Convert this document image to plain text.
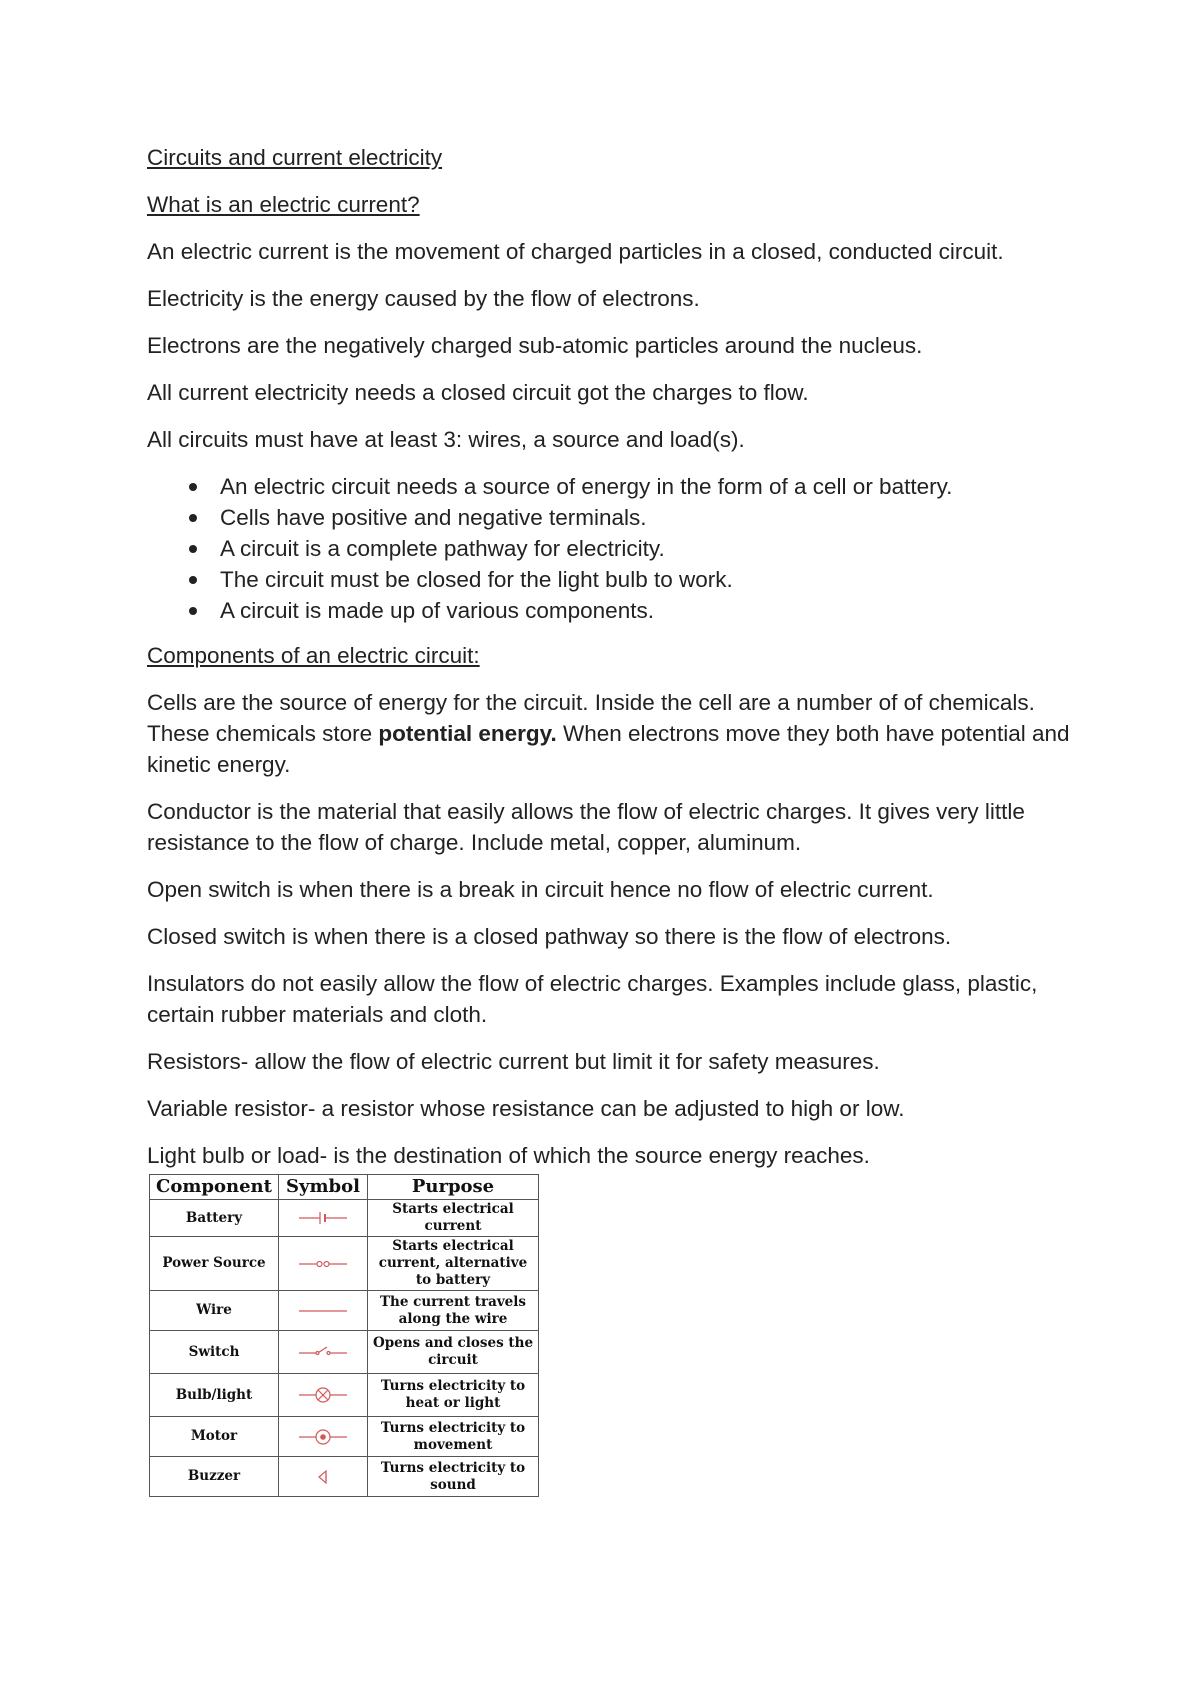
Circuits and current electricity

What is an electric current?

An electric current is the movement of charged particles in a closed, conducted circuit.

Electricity is the energy caused by the flow of electrons.

Electrons are the negatively charged sub-atomic particles around the nucleus.

All current electricity needs a closed circuit got the charges to flow.

All circuits must have at least 3: wires, a source and load(s).

An electric circuit needs a source of energy in the form of a cell or battery.
Cells have positive and negative terminals.
A circuit is a complete pathway for electricity.
The circuit must be closed for the light bulb to work.
A circuit is made up of various components.

Components of an electric circuit:

Cells are the source of energy for the circuit. Inside the cell are a number of of chemicals. These chemicals store potential energy. When electrons move they both have potential and kinetic energy.

Conductor is the material that easily allows the flow of electric charges. It gives very little resistance to the flow of charge. Include metal, copper, aluminum.

Open switch is when there is a break in circuit hence no flow of electric current.

Closed switch is when there is a closed pathway so there is the flow of electrons.

Insulators do not easily allow the flow of electric charges. Examples include glass, plastic, certain rubber materials and cloth.

Resistors- allow the flow of electric current but limit it for safety measures.

Variable resistor- a resistor whose resistance can be adjusted to high or low.

Light bulb or load- is the destination of which the source energy reaches.

Component	Symbol	Purpose
Battery		Starts electrical current
Power Source		Starts electrical current, alternative to battery
Wire		The current travels along the wire
Switch		Opens and closes the circuit
Bulb/light		Turns electricity to heat or light
Motor		Turns electricity to movement
Buzzer		Turns electricity to sound
